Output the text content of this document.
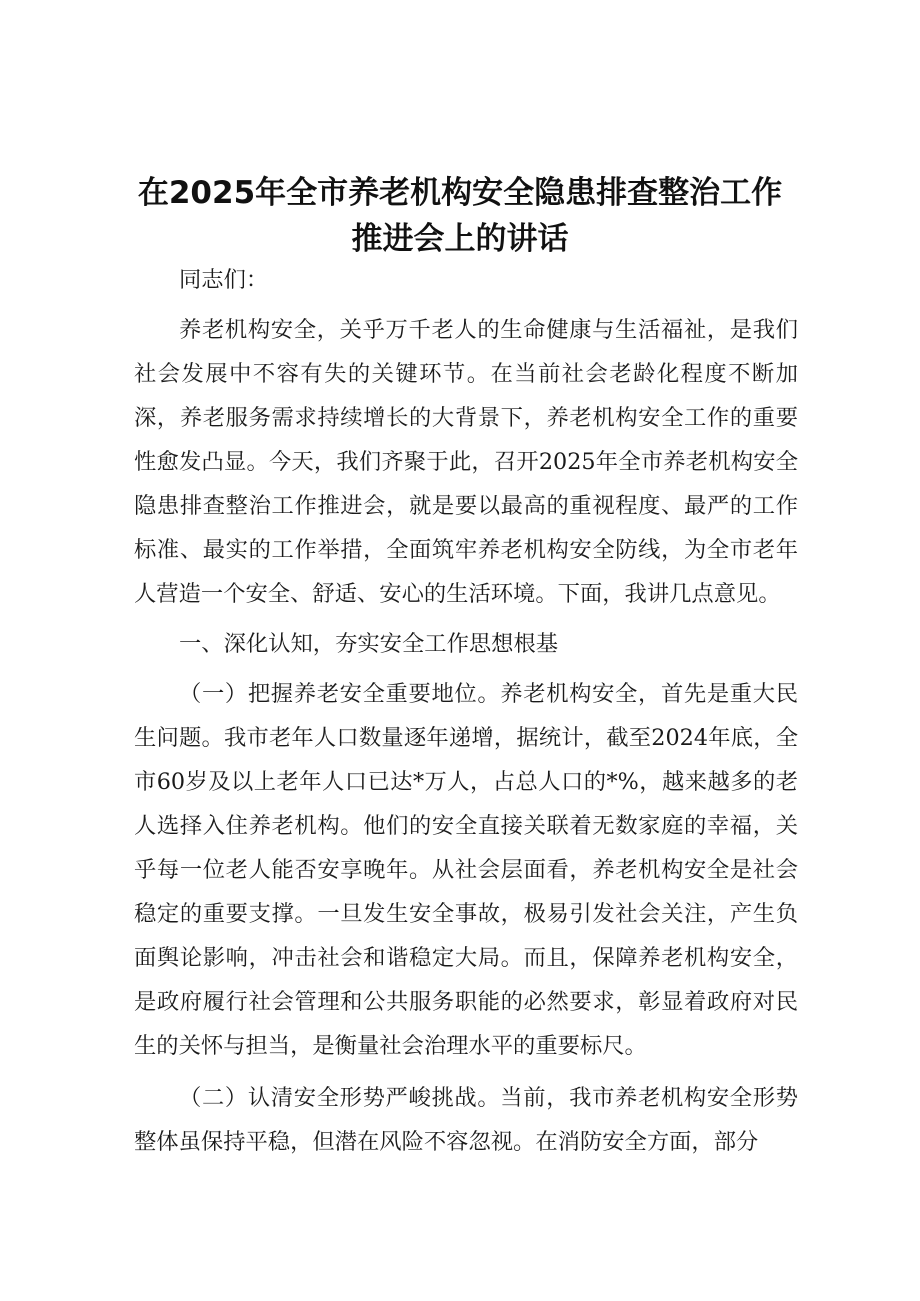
在2025年全市养老机构安全隐患排查整治工作
推进会上的讲话

同志们：

养老机构安全，关乎万千老人的生命健康与生活福祉，是我们社会发展中不容有失的关键环节。在当前社会老龄化程度不断加深，养老服务需求持续增长的大背景下，养老机构安全工作的重要性愈发凸显。今天，我们齐聚于此，召开2025年全市养老机构安全隐患排查整治工作推进会，就是要以最高的重视程度、最严的工作标准、最实的工作举措，全面筑牢养老机构安全防线，为全市老年人营造一个安全、舒适、安心的生活环境。下面，我讲几点意见。

一、深化认知，夯实安全工作思想根基

（一）把握养老安全重要地位。养老机构安全，首先是重大民生问题。我市老年人口数量逐年递增，据统计，截至2024年底，全市60岁及以上老年人口已达*万人，占总人口的*%，越来越多的老人选择入住养老机构。他们的安全直接关联着无数家庭的幸福，关乎每一位老人能否安享晚年。从社会层面看，养老机构安全是社会稳定的重要支撑。一旦发生安全事故，极易引发社会关注，产生负面舆论影响，冲击社会和谐稳定大局。而且，保障养老机构安全，是政府履行社会管理和公共服务职能的必然要求，彰显着政府对民生的关怀与担当，是衡量社会治理水平的重要标尺。

（二）认清安全形势严峻挑战。当前，我市养老机构安全形势整体虽保持平稳，但潜在风险不容忽视。在消防安全方面，部分
